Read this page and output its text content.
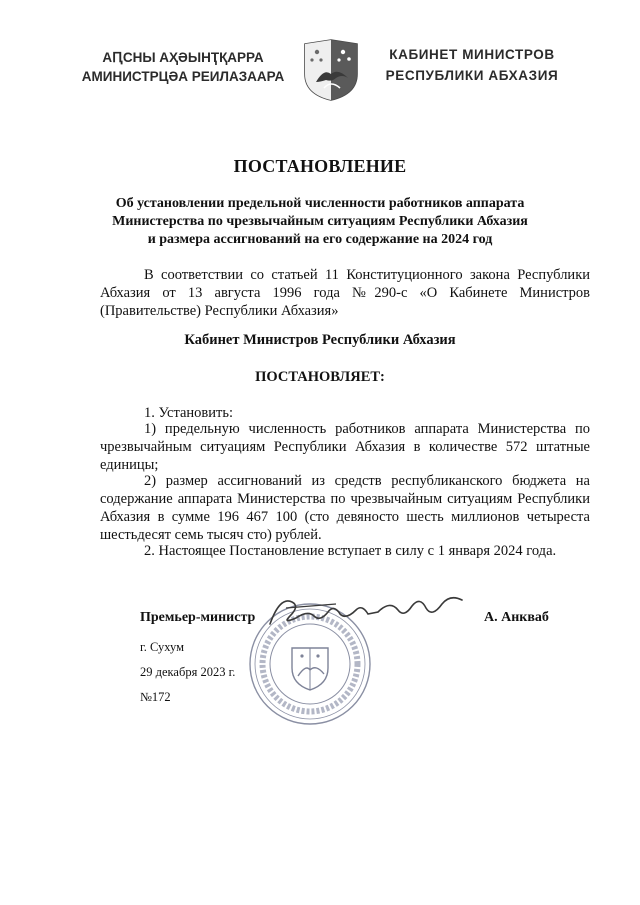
АԤСНЫ АҲӘЫНҬҚАРРА
АМИНИСТРЦӘА РЕИЛАЗААРА
КАБИНЕТ МИНИСТРОВ
РЕСПУБЛИКИ АБХАЗИЯ
ПОСТАНОВЛЕНИЕ
Об установлении предельной численности работников аппарата
Министерства по чрезвычайным ситуациям Республики Абхазия
и размера ассигнований на его содержание на 2024 год
В соответствии со статьей 11 Конституционного закона Республики Абхазия от 13 августа 1996 года №290-с «О Кабинете Министров (Правительстве) Республики Абхазия»
Кабинет Министров Республики Абхазия
ПОСТАНОВЛЯЕТ:
1. Установить:
1) предельную численность работников аппарата Министерства по чрезвычайным ситуациям Республики Абхазия в количестве 572 штатные единицы;
2) размер ассигнований из средств республиканского бюджета на содержание аппарата Министерства по чрезвычайным ситуациям Республики Абхазия в сумме 196 467 100 (сто девяносто шесть миллионов четыреста шестьдесят семь тысяч сто) рублей.
2. Настоящее Постановление вступает в силу с 1 января 2024 года.
Премьер-министр	А. Анкваб
г. Сухум
29 декабря 2023 г.
№172
